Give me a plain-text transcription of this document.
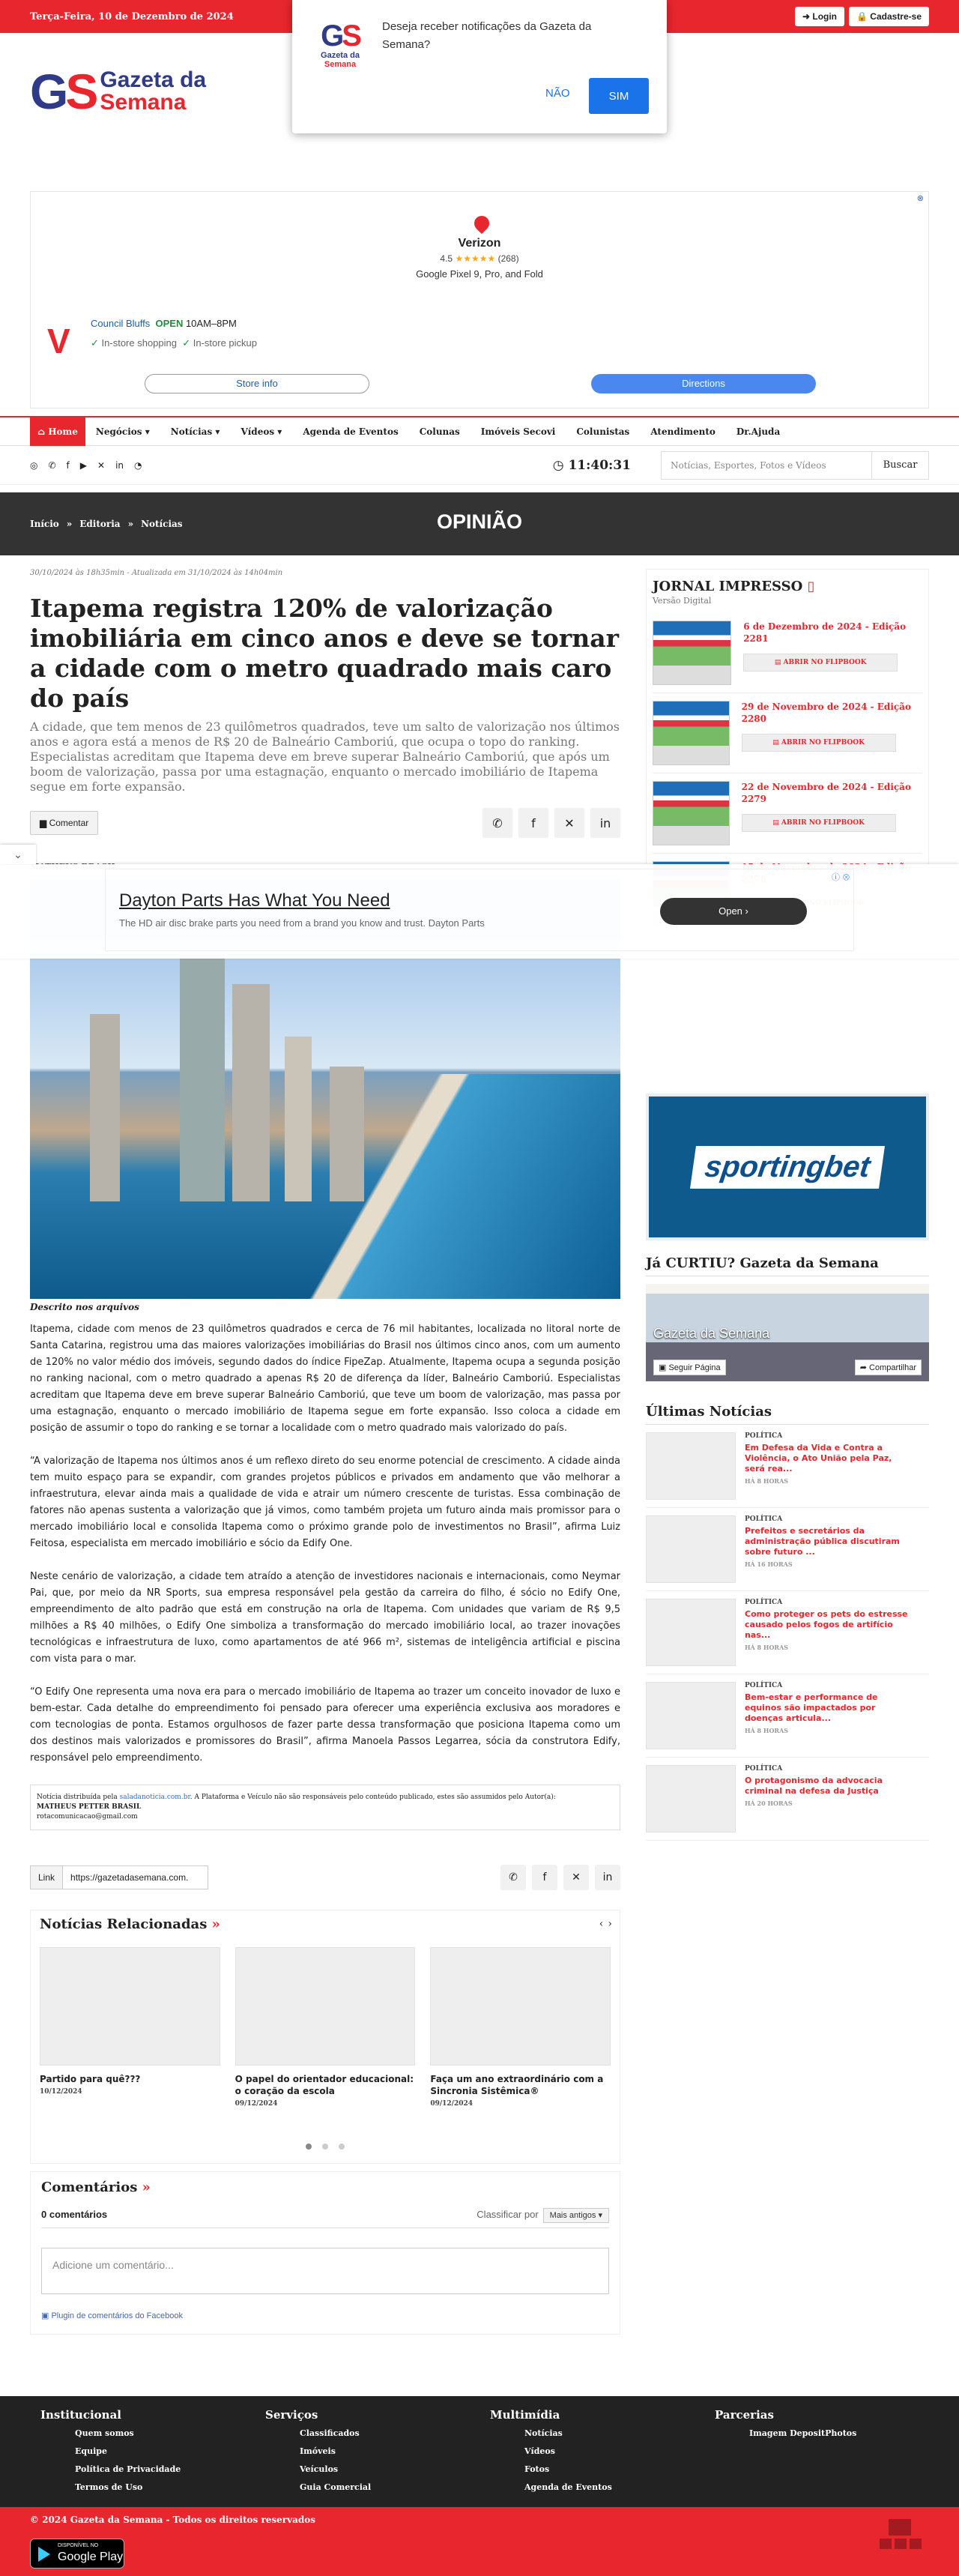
Terça-Feira, 10 de Dezembro de 2024	➜ Login	🔒 Cadastre-se
GS
Gazeta da
Semana
Deseja receber notificações da Gazeta da Semana?
NÃO	SIM
GS Gazeta da
Semana
⊗
Verizon
4.5 ★★★★★ (268)
Google Pixel 9, Pro, and Fold
V Council Bluffs OPEN 10AM–8PM
✓ In-store shopping ✓ In-store pickup
Store info	Directions
⌂ Home	Negócios ▾	Notícias ▾	Vídeos ▾	Agenda de Eventos	Colunas	Imóveis Secovi	Colunistas	Atendimento	Dr.Ajuda
◎ ✆ f ▶ ✕ in ◔	◷ 11:40:31	Notícias, Esportes, Fotos e Vídeos	Buscar
Início » Editoria » Notícias	OPINIÃO
30/10/2024 às 18h35min - Atualizada em 31/10/2024 às 14h04min
Itapema registra 120% de valorização imobiliária em cinco anos e deve se tornar a cidade com o metro quadrado mais caro do país
A cidade, que tem menos de 23 quilômetros quadrados, teve um salto de valorização nos últimos anos e agora está a menos de R$ 20 de Balneário Camboriú, que ocupa o topo do ranking. Especialistas acreditam que Itapema deve em breve superar Balneário Camboriú, que após um boom de valorização, passa por uma estagnação, enquanto o mercado imobiliário de Itapema segue em forte expansão.
▆ Comentar	✆	f	✕	in
Descrito nos arquivos

Itapema, cidade com menos de 23 quilômetros quadrados e cerca de 76 mil habitantes, localizada no litoral norte de Santa Catarina, registrou uma das maiores valorizações imobiliárias do Brasil nos últimos cinco anos, com um aumento de 120% no valor médio dos imóveis, segundo dados do índice FipeZap. Atualmente, Itapema ocupa a segunda posição no ranking nacional, com o metro quadrado a apenas R$ 20 de diferença da líder, Balneário Camboriú. Especialistas acreditam que Itapema deve em breve superar Balneário Camboriú, que teve um boom de valorização, mas passa por uma estagnação, enquanto o mercado imobiliário de Itapema segue em forte expansão. Isso coloca a cidade em posição de assumir o topo do ranking e se tornar a localidade com o metro quadrado mais valorizado do país.

“A valorização de Itapema nos últimos anos é um reflexo direto do seu enorme potencial de crescimento. A cidade ainda tem muito espaço para se expandir, com grandes projetos públicos e privados em andamento que vão melhorar a infraestrutura, elevar ainda mais a qualidade de vida e atrair um número crescente de turistas. Essa combinação de fatores não apenas sustenta a valorização que já vimos, como também projeta um futuro ainda mais promissor para o mercado imobiliário local e consolida Itapema como o próximo grande polo de investimentos no Brasil”, afirma Luiz Feitosa, especialista em mercado imobiliário e sócio da Edify One.

Neste cenário de valorização, a cidade tem atraído a atenção de investidores nacionais e internacionais, como Neymar Pai, que, por meio da NR Sports, sua empresa responsável pela gestão da carreira do filho, é sócio no Edify One, empreendimento de alto padrão que está em construção na orla de Itapema. Com unidades que variam de R$ 9,5 milhões a R$ 40 milhões, o Edify One simboliza a transformação do mercado imobiliário local, ao trazer inovações tecnológicas e infraestrutura de luxo, como apartamentos de até 966 m², sistemas de inteligência artificial e piscina com vista para o mar.

“O Edify One representa uma nova era para o mercado imobiliário de Itapema ao trazer um conceito inovador de luxo e bem-estar. Cada detalhe do empreendimento foi pensado para oferecer uma experiência exclusiva aos moradores e com tecnologias de ponta. Estamos orgulhosos de fazer parte dessa transformação que posiciona Itapema como um dos destinos mais valorizados e promissores do Brasil”, afirma Manoela Passos Legarrea, sócia da construtora Edify, responsável pelo empreendimento.

Notícia distribuída pela saladanoticia.com.br. A Plataforma e Veículo não são responsáveis pelo conteúdo publicado, estes são assumidos pelo Autor(a):
MATHEUS PETTER BRASIL
rotacomunicacao@gmail.com
Link	https://gazetadasemana.com.	✆	f	✕	in
Notícias Relacionadas »	‹ ›
Partido para quê???
10/12/2024
O papel do orientador educacional: o coração da escola
09/12/2024
Faça um ano extraordinário com a Sincronia Sistêmica®
09/12/2024
Comentários »
0 comentários	Classificar por Mais antigos ▾
Adicione um comentário...
▣ Plugin de comentários do Facebook
JORNAL IMPRESSO ▯
Versão Digital
6 de Dezembro de 2024 - Edição 2281
▤ ABRIR NO FLIPBOOK
29 de Novembro de 2024 - Edição 2280
▤ ABRIR NO FLIPBOOK
22 de Novembro de 2024 - Edição 2279
▤ ABRIR NO FLIPBOOK
sportingbet
Já CURTIU? Gazeta da Semana
Gazeta da Semana
▣ Seguir Página	➦ Compartilhar
Últimas Notícias
POLÍTICA
Em Defesa da Vida e Contra a Violência, o Ato União pela Paz, será rea...
HÁ 8 HORAS
POLÍTICA
Prefeitos e secretários da administração pública discutiram sobre futuro ...
HÁ 16 HORAS
POLÍTICA
Como proteger os pets do estresse causado pelos fogos de artifício nas...
HÁ 8 HORAS
POLÍTICA
Bem-estar e performance de equinos são impactados por doenças articula...
HÁ 8 HORAS
POLÍTICA
O protagonismo da advocacia criminal na defesa da Justiça
HÁ 20 HORAS
⌄
ⓘ ⊗
Dayton Parts Has What You Need
The HD air disc brake parts you need from a brand you know and trust. Dayton Parts
Open ›
Institucional
Quem somos
Equipe
Política de Privacidade
Termos de Uso
Serviços
Classificados
Imóveis
Veículos
Guia Comercial
Multimídia
Notícias
Vídeos
Fotos
Agenda de Eventos
Parcerias
Imagem DepositPhotos
© 2024 Gazeta da Semana - Todos os direitos reservados
DISPONÍVEL NO
Google Play
